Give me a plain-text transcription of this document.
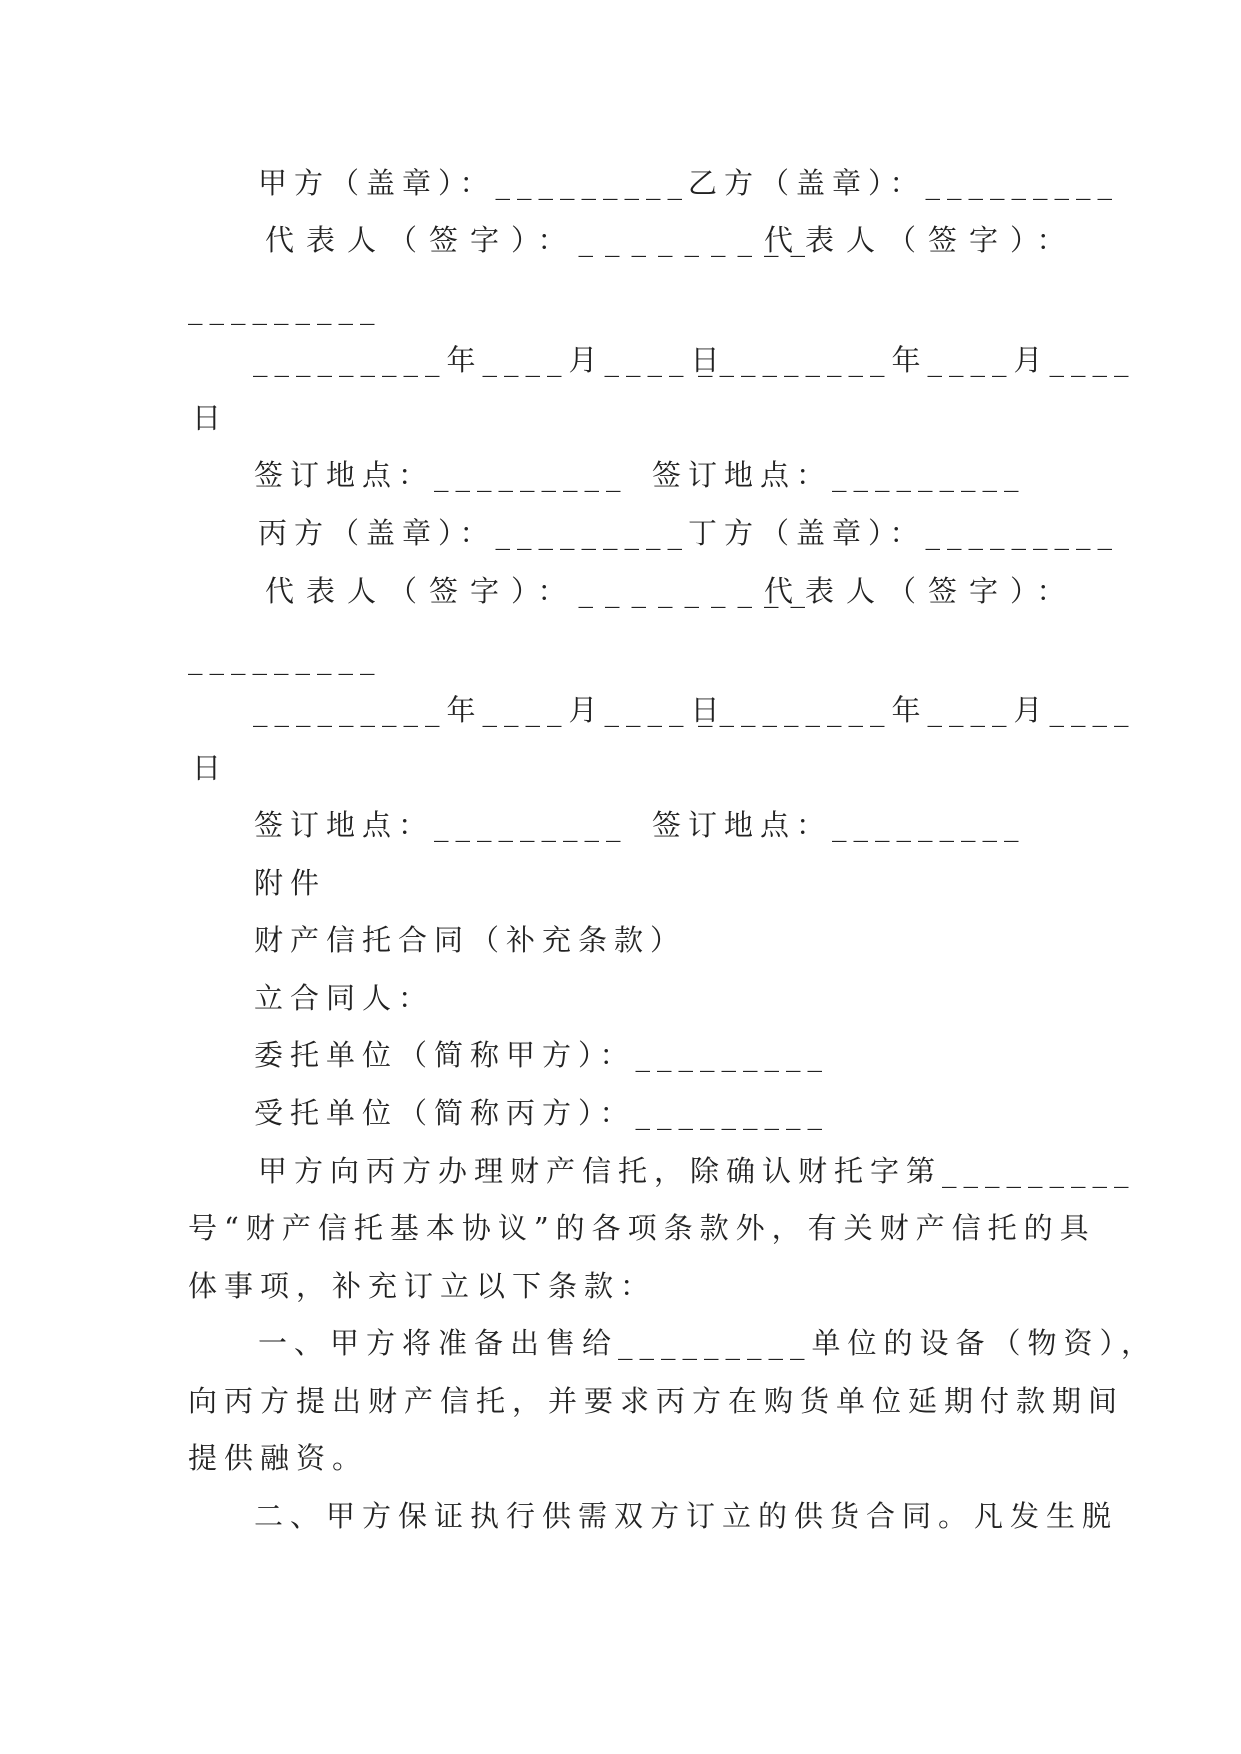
甲方（盖章）：_________
乙方（盖章）：_________
代表人（签字）：_________
代表人（签字）：
_________
_________年____月____日
_________年____月____
日
签订地点：_________ 签订地点：_________
丙方（盖章）：_________
丁方（盖章）：_________
代表人（签字）：_________
代表人（签字）：
_________
_________年____月____日
_________年____月____
日
签订地点：_________ 签订地点：_________
附件
财产信托合同（补充条款）
立合同人：
委托单位（简称甲方）：_________
受托单位（简称丙方）：_________
甲方向丙方办理财产信托，除确认财托字第_________
号“财产信托基本协议”的各项条款外，有关财产信托的具
体事项，补充订立以下条款：
一、甲方将准备出售给_________单位的设备（物资），
向丙方提出财产信托，并要求丙方在购货单位延期付款期间
提供融资。
二、甲方保证执行供需双方订立的供货合同。凡发生脱
